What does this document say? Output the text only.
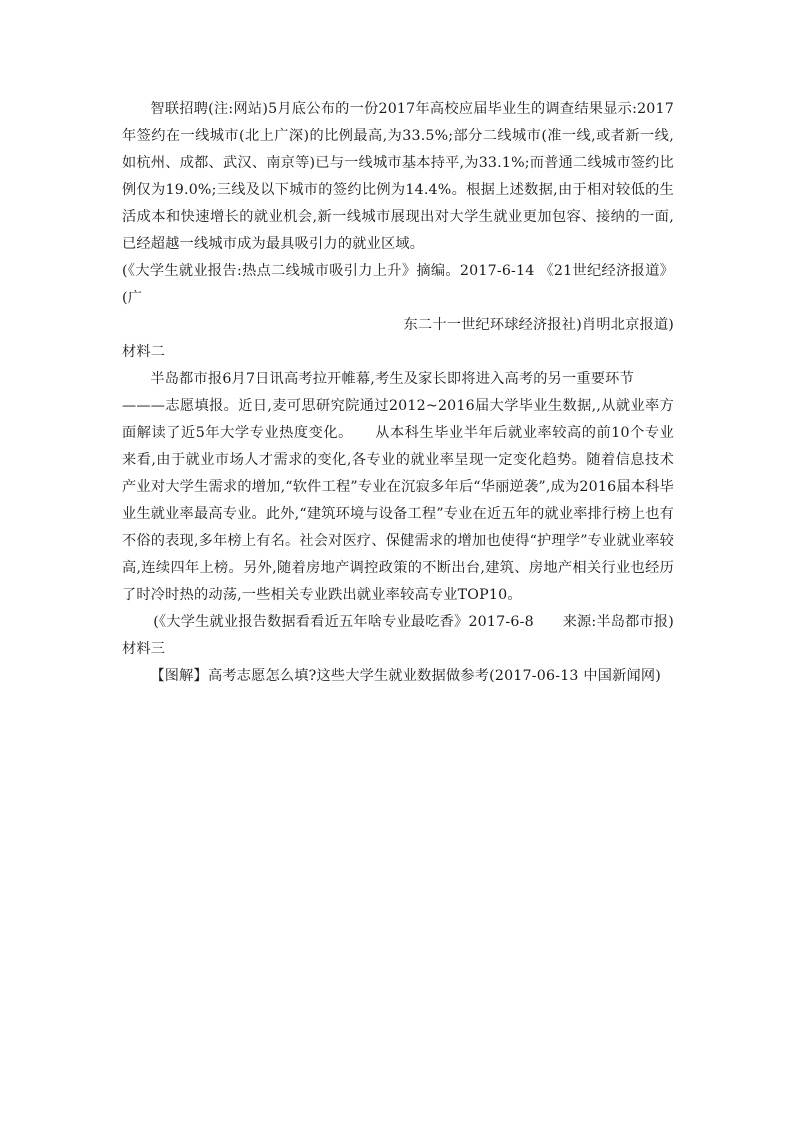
智联招聘(注:网站)5月底公布的一份2017年高校应届毕业生的调查结果显示:2017年签约在一线城市(北上广深)的比例最高,为33.5%;部分二线城市(准一线,或者新一线,如杭州、成都、武汉、南京等)已与一线城市基本持平,为33.1%;而普通二线城市签约比例仅为19.0%;三线及以下城市的签约比例为14.4%。根据上述数据,由于相对较低的生活成本和快速增长的就业机会,新一线城市展现出对大学生就业更加包容、接纳的一面,已经超越一线城市成为最具吸引力的就业区域。

(《大学生就业报告:热点二线城市吸引力上升》摘编。2017-6-14 《21世纪经济报道》(广
东二十一世纪环球经济报社)肖明北京报道)

材料二

半岛都市报6月7日讯高考拉开帷幕,考生及家长即将进入高考的另一重要环节

———志愿填报。近日,麦可思研究院通过2012~2016届大学毕业生数据,,从就业率方面解读了近5年大学专业热度变化。　　从本科生毕业半年后就业率较高的前10个专业来看,由于就业市场人才需求的变化,各专业的就业率呈现一定变化趋势。随着信息技术产业对大学生需求的增加,“软件工程”专业在沉寂多年后“华丽逆袭”,成为2016届本科毕业生就业率最高专业。此外,“建筑环境与设备工程”专业在近五年的就业率排行榜上也有不俗的表现,多年榜上有名。社会对医疗、保健需求的增加也使得“护理学”专业就业率较高,连续四年上榜。另外,随着房地产调控政策的不断出台,建筑、房地产相关行业也经历了时冷时热的动荡,一些相关专业跌出就业率较高专业TOP10。

(《大学生就业报告数据看看近五年啥专业最吃香》2017-6-8　　来源:半岛都市报)

材料三

【图解】高考志愿怎么填?这些大学生就业数据做参考(2017-06-13 中国新闻网)
